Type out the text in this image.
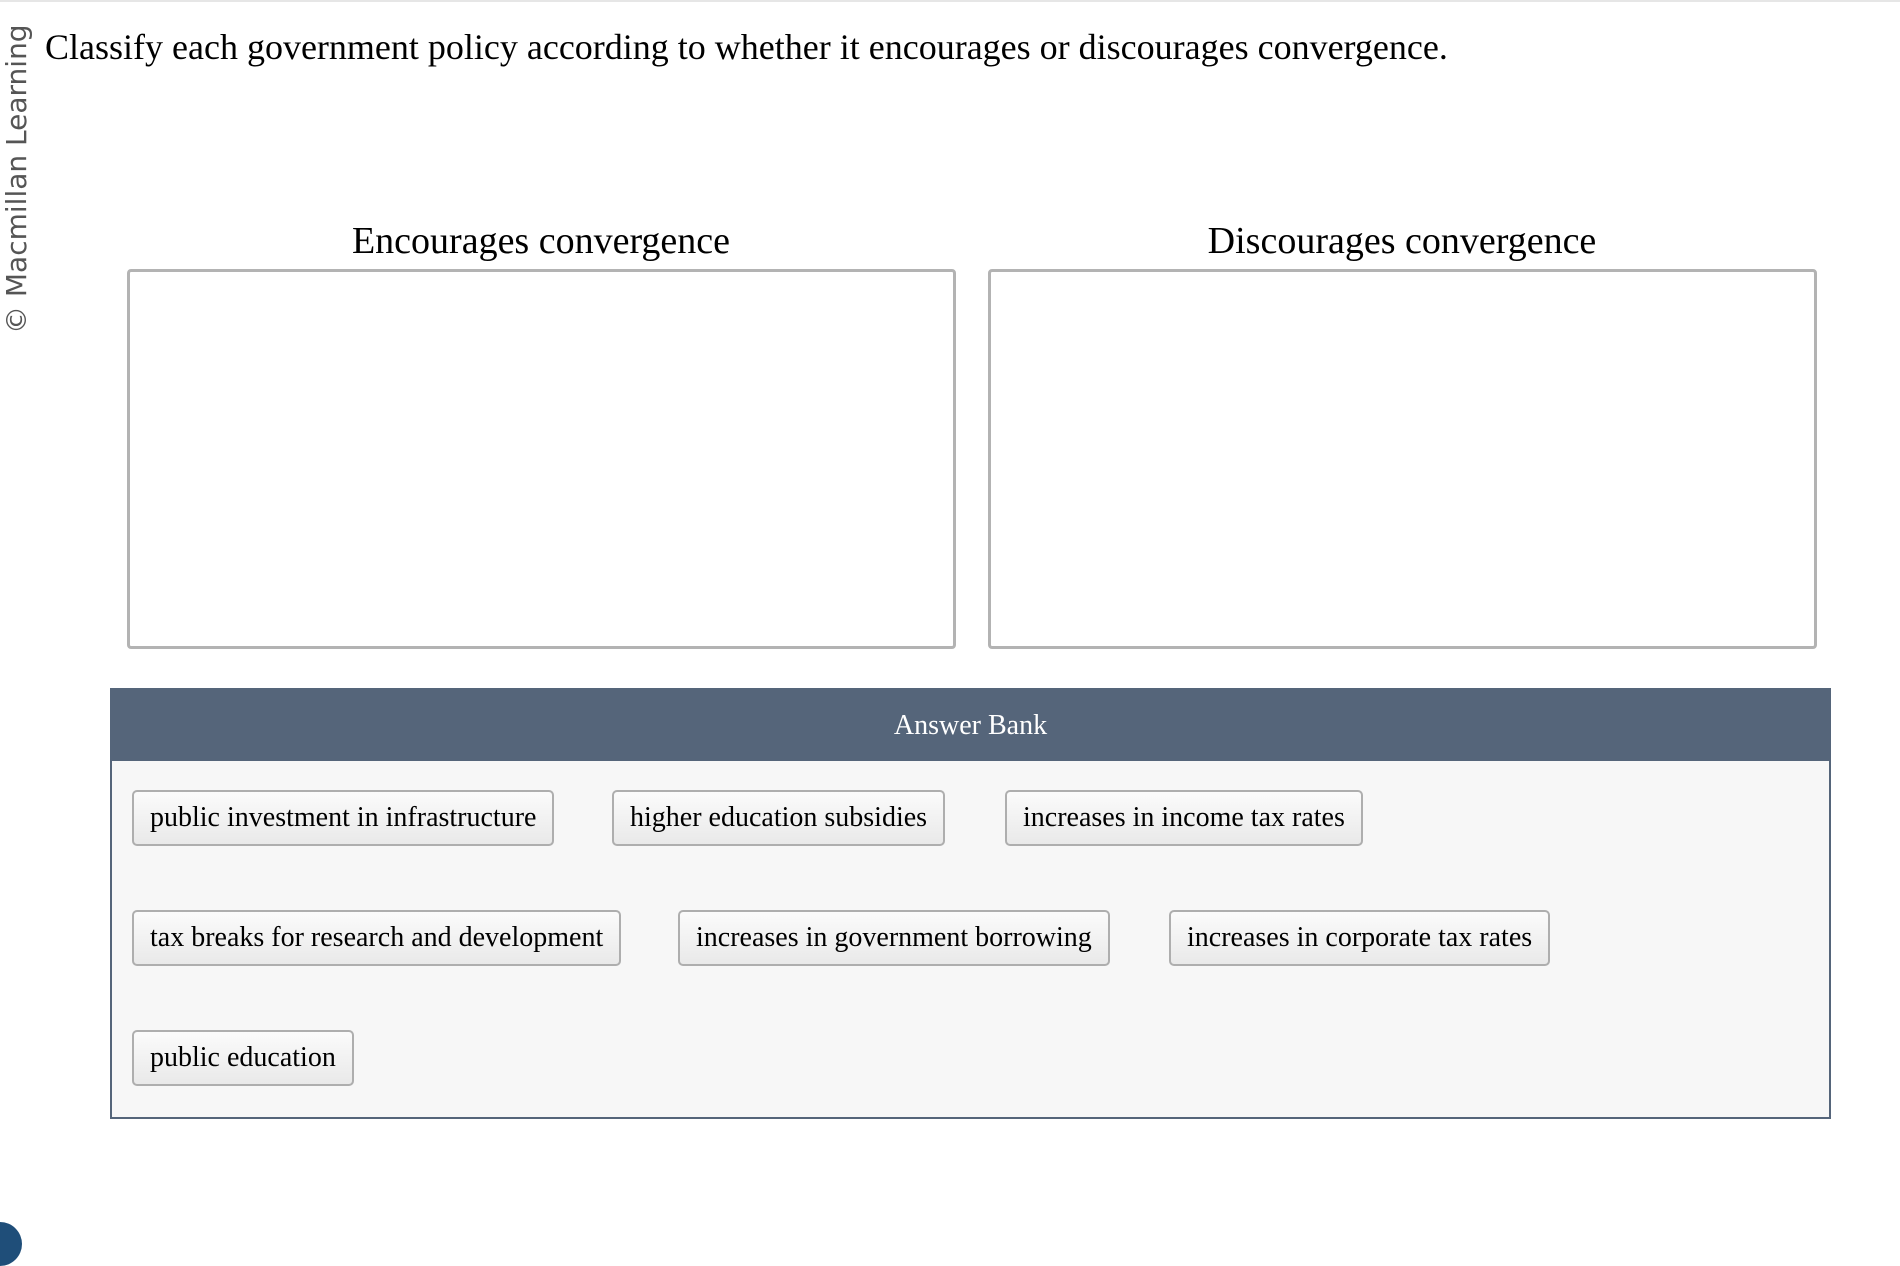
© Macmillan Learning Classify each government policy according to whether it encourages or discourages convergence.
Encourages convergence	Discourages convergence
Answer Bank
public investment in infrastructure	higher education subsidies	increases in income tax rates
tax breaks for research and development	increases in government borrowing	increases in corporate tax rates
public education
